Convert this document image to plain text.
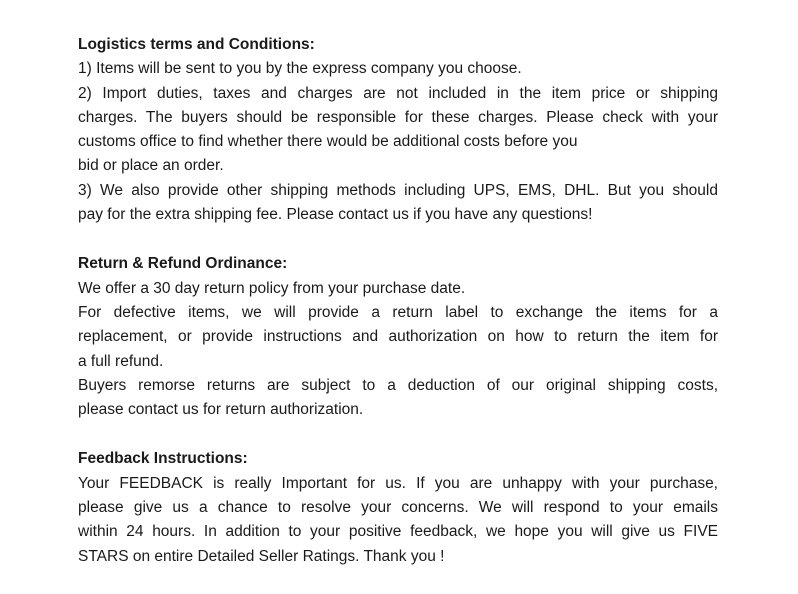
Logistics terms and Conditions:

1) Items will be sent to you by the express company you choose.

2) Import duties, taxes and charges are not included in the item price or shipping
charges. The buyers should be responsible for these charges. Please check with your
customs office to find whether there would be additional costs before you
bid or place an order.

3) We also provide other shipping methods including UPS, EMS, DHL. But you should
pay for the extra shipping fee. Please contact us if you have any questions!

Return & Refund Ordinance:

We offer a 30 day return policy from your purchase date.

For defective items, we will provide a return label to exchange the items for a
replacement, or provide instructions and authorization on how to return the item for
a full refund.

Buyers remorse returns are subject to a deduction of our original shipping costs,
please contact us for return authorization.

Feedback Instructions:

Your FEEDBACK is really Important for us. If you are unhappy with your purchase,
please give us a chance to resolve your concerns. We will respond to your emails
within 24 hours. In addition to your positive feedback, we hope you will give us FIVE
STARS on entire Detailed Seller Ratings. Thank you !
